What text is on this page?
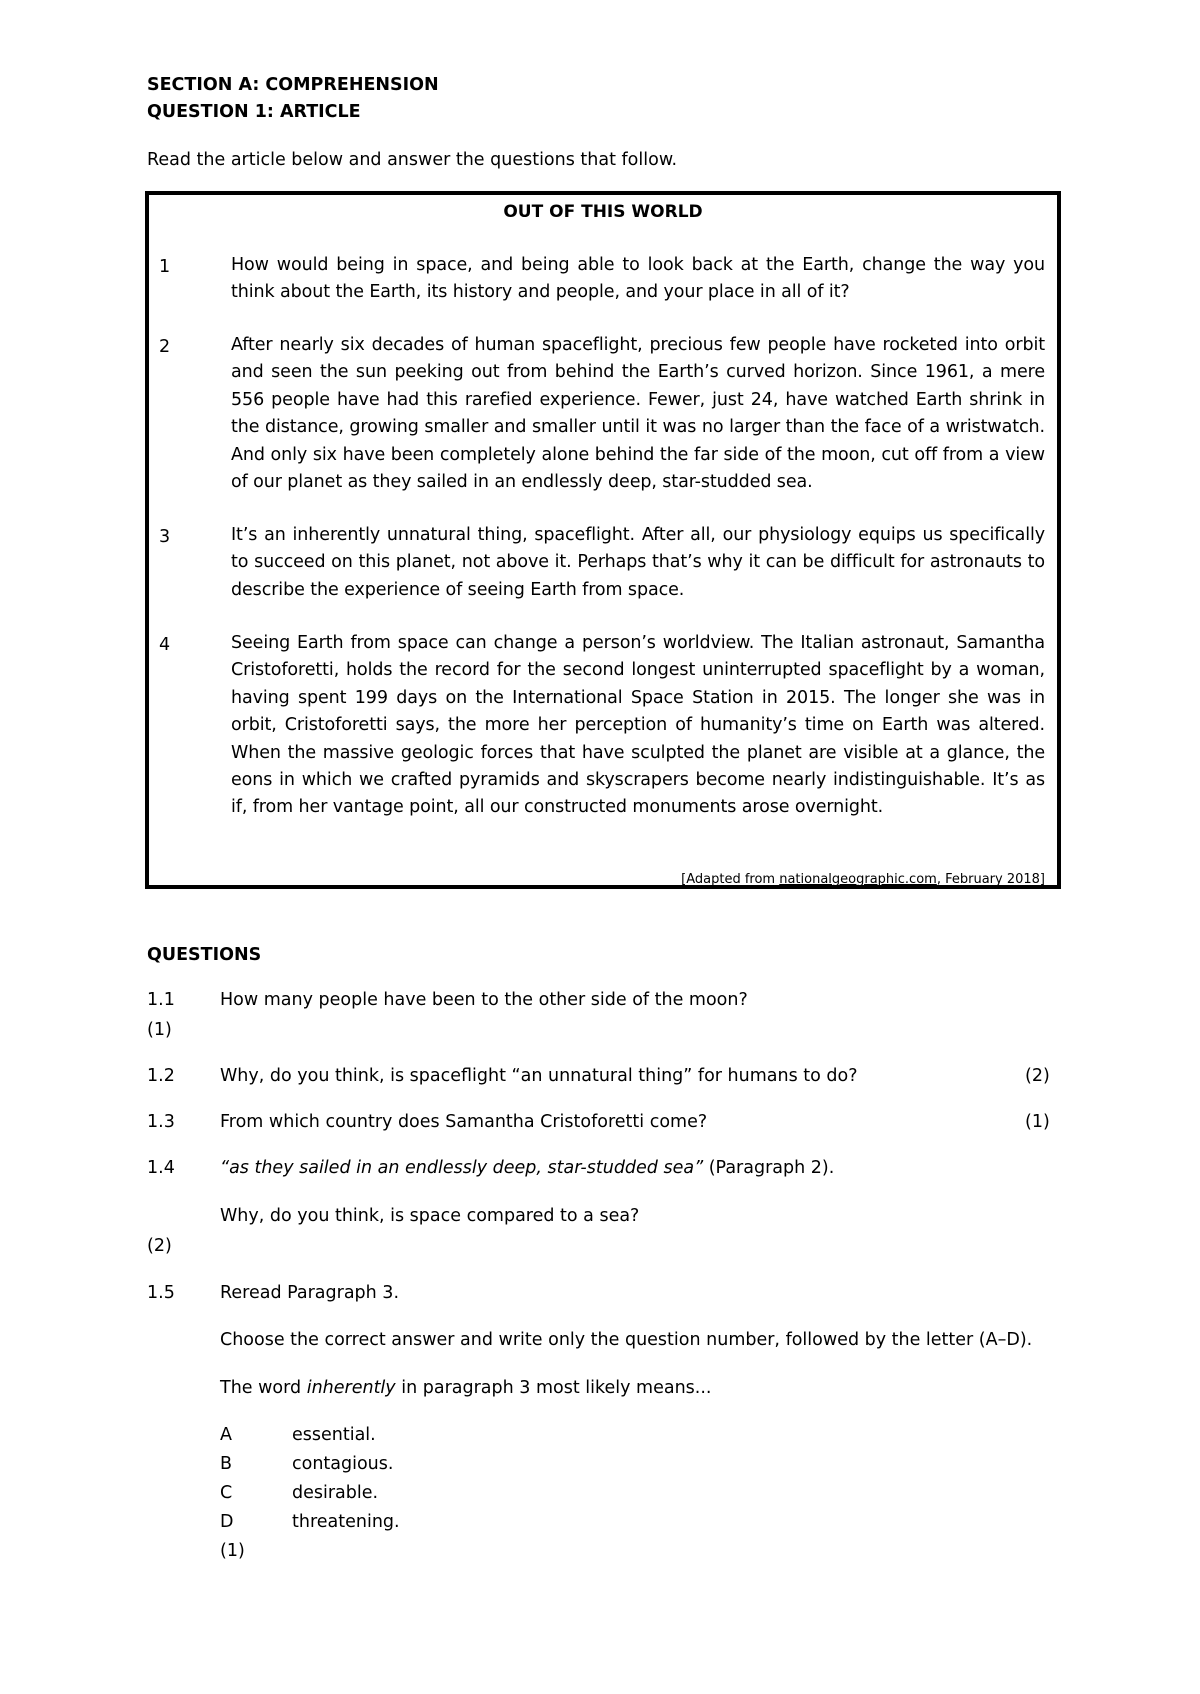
SECTION A: COMPREHENSION
QUESTION 1: ARTICLE
Read the article below and answer the questions that follow.
OUT OF THIS WORLD
1	How would being in space, and being able to look back at the Earth, change the way you think about the Earth, its history and people, and your place in all of it?
2	After nearly six decades of human spaceflight, precious few people have rocketed into orbit and seen the sun peeking out from behind the Earth’s curved horizon. Since 1961, a mere 556 people have had this rarefied experience. Fewer, just 24, have watched Earth shrink in the distance, growing smaller and smaller until it was no larger than the face of a wristwatch. And only six have been completely alone behind the far side of the moon, cut off from a view of our planet as they sailed in an endlessly deep, star-studded sea.
3	It’s an inherently unnatural thing, spaceflight. After all, our physiology equips us specifically to succeed on this planet, not above it. Perhaps that’s why it can be difficult for astronauts to describe the experience of seeing Earth from space.
4	Seeing Earth from space can change a person’s worldview. The Italian astronaut, Samantha Cristoforetti, holds the record for the second longest uninterrupted spaceflight by a woman, having spent 199 days on the International Space Station in 2015. The longer she was in orbit, Cristoforetti says, the more her perception of humanity’s time on Earth was altered. When the massive geologic forces that have sculpted the planet are visible at a glance, the eons in which we crafted pyramids and skyscrapers become nearly indistinguishable. It’s as if, from her vantage point, all our constructed monuments arose overnight.
[Adapted from nationalgeographic.com, February 2018]
QUESTIONS
1.1	How many people have been to the other side of the moon?
(1)
1.2	Why, do you think, is spaceflight “an unnatural thing” for humans to do?	(2)
1.3	From which country does Samantha Cristoforetti come?	(1)
1.4	“as they sailed in an endlessly deep, star-studded sea” (Paragraph 2).
Why, do you think, is space compared to a sea?
(2)
1.5	Reread Paragraph 3.
Choose the correct answer and write only the question number, followed by the letter (A–D).
The word inherently in paragraph 3 most likely means...
A	essential.
B	contagious.
C	desirable.
D	threatening.
(1)
